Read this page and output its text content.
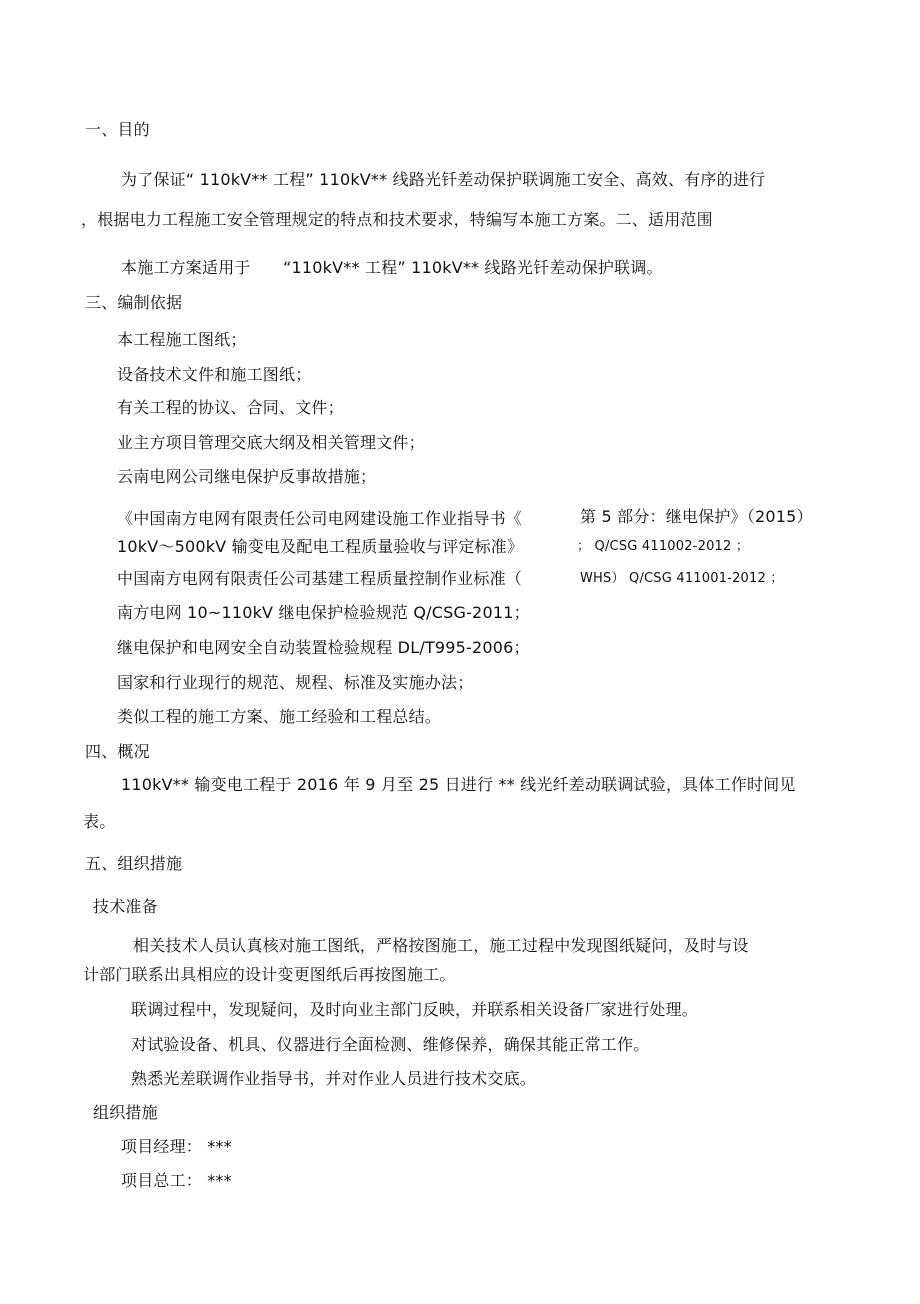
一、目的
为了保证“ 110kV** 工程” 110kV** 线路光钎差动保护联调施工安全、高效、有序的进行
，根据电力工程施工安全管理规定的特点和技术要求，特编写本施工方案。二、适用范围
本施工方案适用于 “110kV** 工程” 110kV** 线路光钎差动保护联调。
三、编制依据
本工程施工图纸；
设备技术文件和施工图纸；
有关工程的协议、合同、文件；
业主方项目管理交底大纲及相关管理文件；
云南电网公司继电保护反事故措施；
《中国南方电网有限责任公司电网建设施工作业指导书《	第 5 部分：继电保护》（2015）
10kV～500kV 输变电及配电工程质量验收与评定标准》	； Q/CSG 411002-2012 ；
中国南方电网有限责任公司基建工程质量控制作业标准（	WHS） Q/CSG 411001-2012 ；
南方电网 10~110kV 继电保护检验规范 Q/CSG-2011；
继电保护和电网安全自动装置检验规程 DL/T995-2006；
国家和行业现行的规范、规程、标准及实施办法；
类似工程的施工方案、施工经验和工程总结。
四、概况
110kV** 输变电工程于 2016 年 9 月至 25 日进行 ** 线光纤差动联调试验，具体工作时间见
表。
五、组织措施
技术准备
相关技术人员认真核对施工图纸，严格按图施工，施工过程中发现图纸疑问，及时与设
计部门联系出具相应的设计变更图纸后再按图施工。
联调过程中，发现疑问，及时向业主部门反映，并联系相关设备厂家进行处理。
对试验设备、机具、仪器进行全面检测、维修保养，确保其能正常工作。
熟悉光差联调作业指导书，并对作业人员进行技术交底。
组织措施
项目经理： ***
项目总工： ***
